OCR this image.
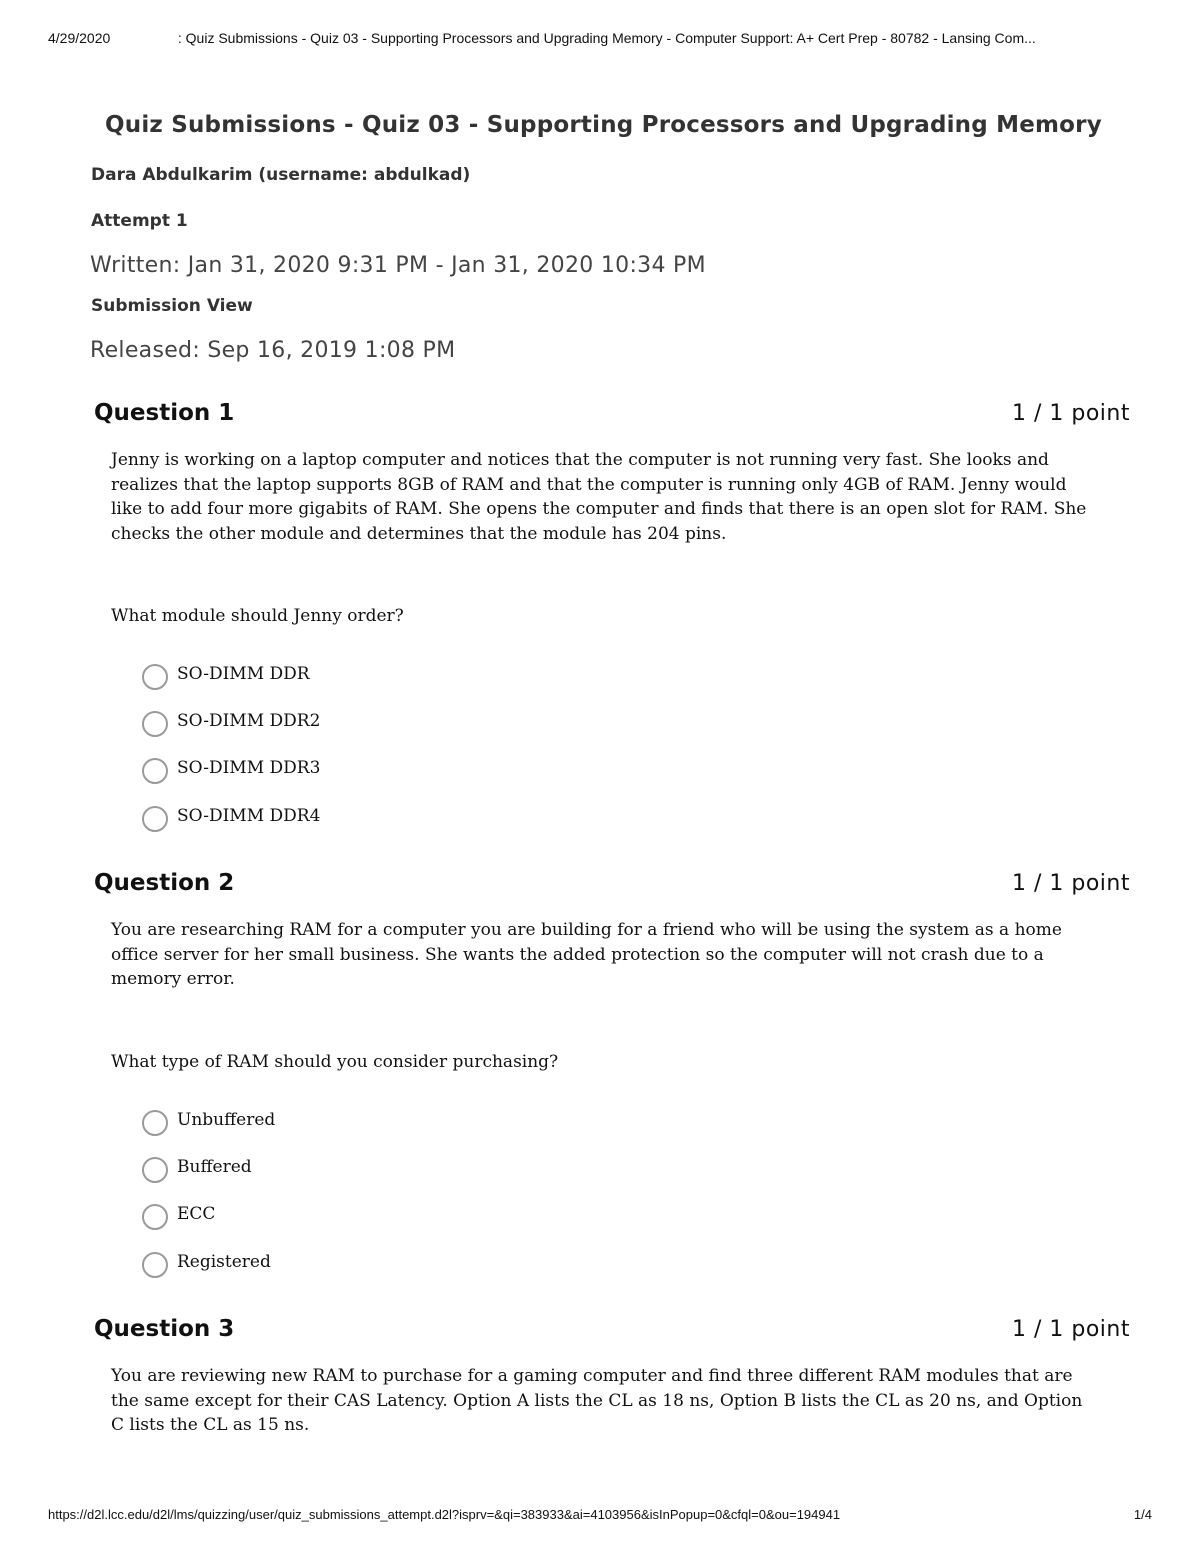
4/29/2020	: Quiz Submissions - Quiz 03 - Supporting Processors and Upgrading Memory - Computer Support: A+ Cert Prep - 80782 - Lansing Com...
Quiz Submissions - Quiz 03 - Supporting Processors and Upgrading Memory
Dara Abdulkarim (username: abdulkad)
Attempt 1
Written: Jan 31, 2020 9:31 PM - Jan 31, 2020 10:34 PM
Submission View
Released: Sep 16, 2019 1:08 PM
Question 1	1 / 1 point
Jenny is working on a laptop computer and notices that the computer is not running very fast. She looks and
realizes that the laptop supports 8GB of RAM and that the computer is running only 4GB of RAM. Jenny would
like to add four more gigabits of RAM. She opens the computer and finds that there is an open slot for RAM. She
checks the other module and determines that the module has 204 pins.
What module should Jenny order?
SO-DIMM DDR
SO-DIMM DDR2
SO-DIMM DDR3
SO-DIMM DDR4
Question 2	1 / 1 point
You are researching RAM for a computer you are building for a friend who will be using the system as a home
office server for her small business. She wants the added protection so the computer will not crash due to a
memory error.
What type of RAM should you consider purchasing?
Unbuffered
Buffered
ECC
Registered
Question 3	1 / 1 point
You are reviewing new RAM to purchase for a gaming computer and find three different RAM modules that are
the same except for their CAS Latency. Option A lists the CL as 18 ns, Option B lists the CL as 20 ns, and Option
C lists the CL as 15 ns.
https://d2l.lcc.edu/d2l/lms/quizzing/user/quiz_submissions_attempt.d2l?isprv=&qi=383933&ai=4103956&isInPopup=0&cfql=0&ou=194941	1/4
